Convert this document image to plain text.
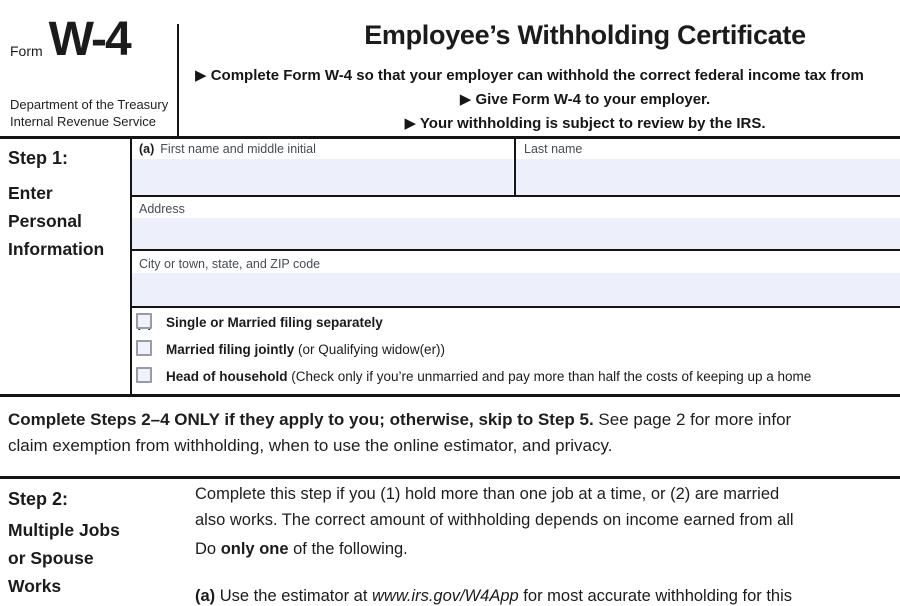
Form W-4
Department of the Treasury
Internal Revenue Service
Employee’s Withholding Certificate
▶ Complete Form W-4 so that your employer can withhold the correct federal income tax from
▶ Give Form W-4 to your employer.
▶ Your withholding is subject to review by the IRS.
Step 1:
Enter
Personal
Information
(a) First name and middle initial	Last name
Address
City or town, state, and ZIP code
Single or Married filing separately
Married filing jointly (or Qualifying widow(er))
Head of household (Check only if you’re unmarried and pay more than half the costs of keeping up a home
Complete Steps 2–4 ONLY if they apply to you; otherwise, skip to Step 5. See page 2 for more infor
claim exemption from withholding, when to use the online estimator, and privacy.
Step 2:
Multiple Jobs
or Spouse
Works
Complete this step if you (1) hold more than one job at a time, or (2) are married
also works. The correct amount of withholding depends on income earned from all
Do only one of the following.
(a) Use the estimator at www.irs.gov/W4App for most accurate withholding for this
